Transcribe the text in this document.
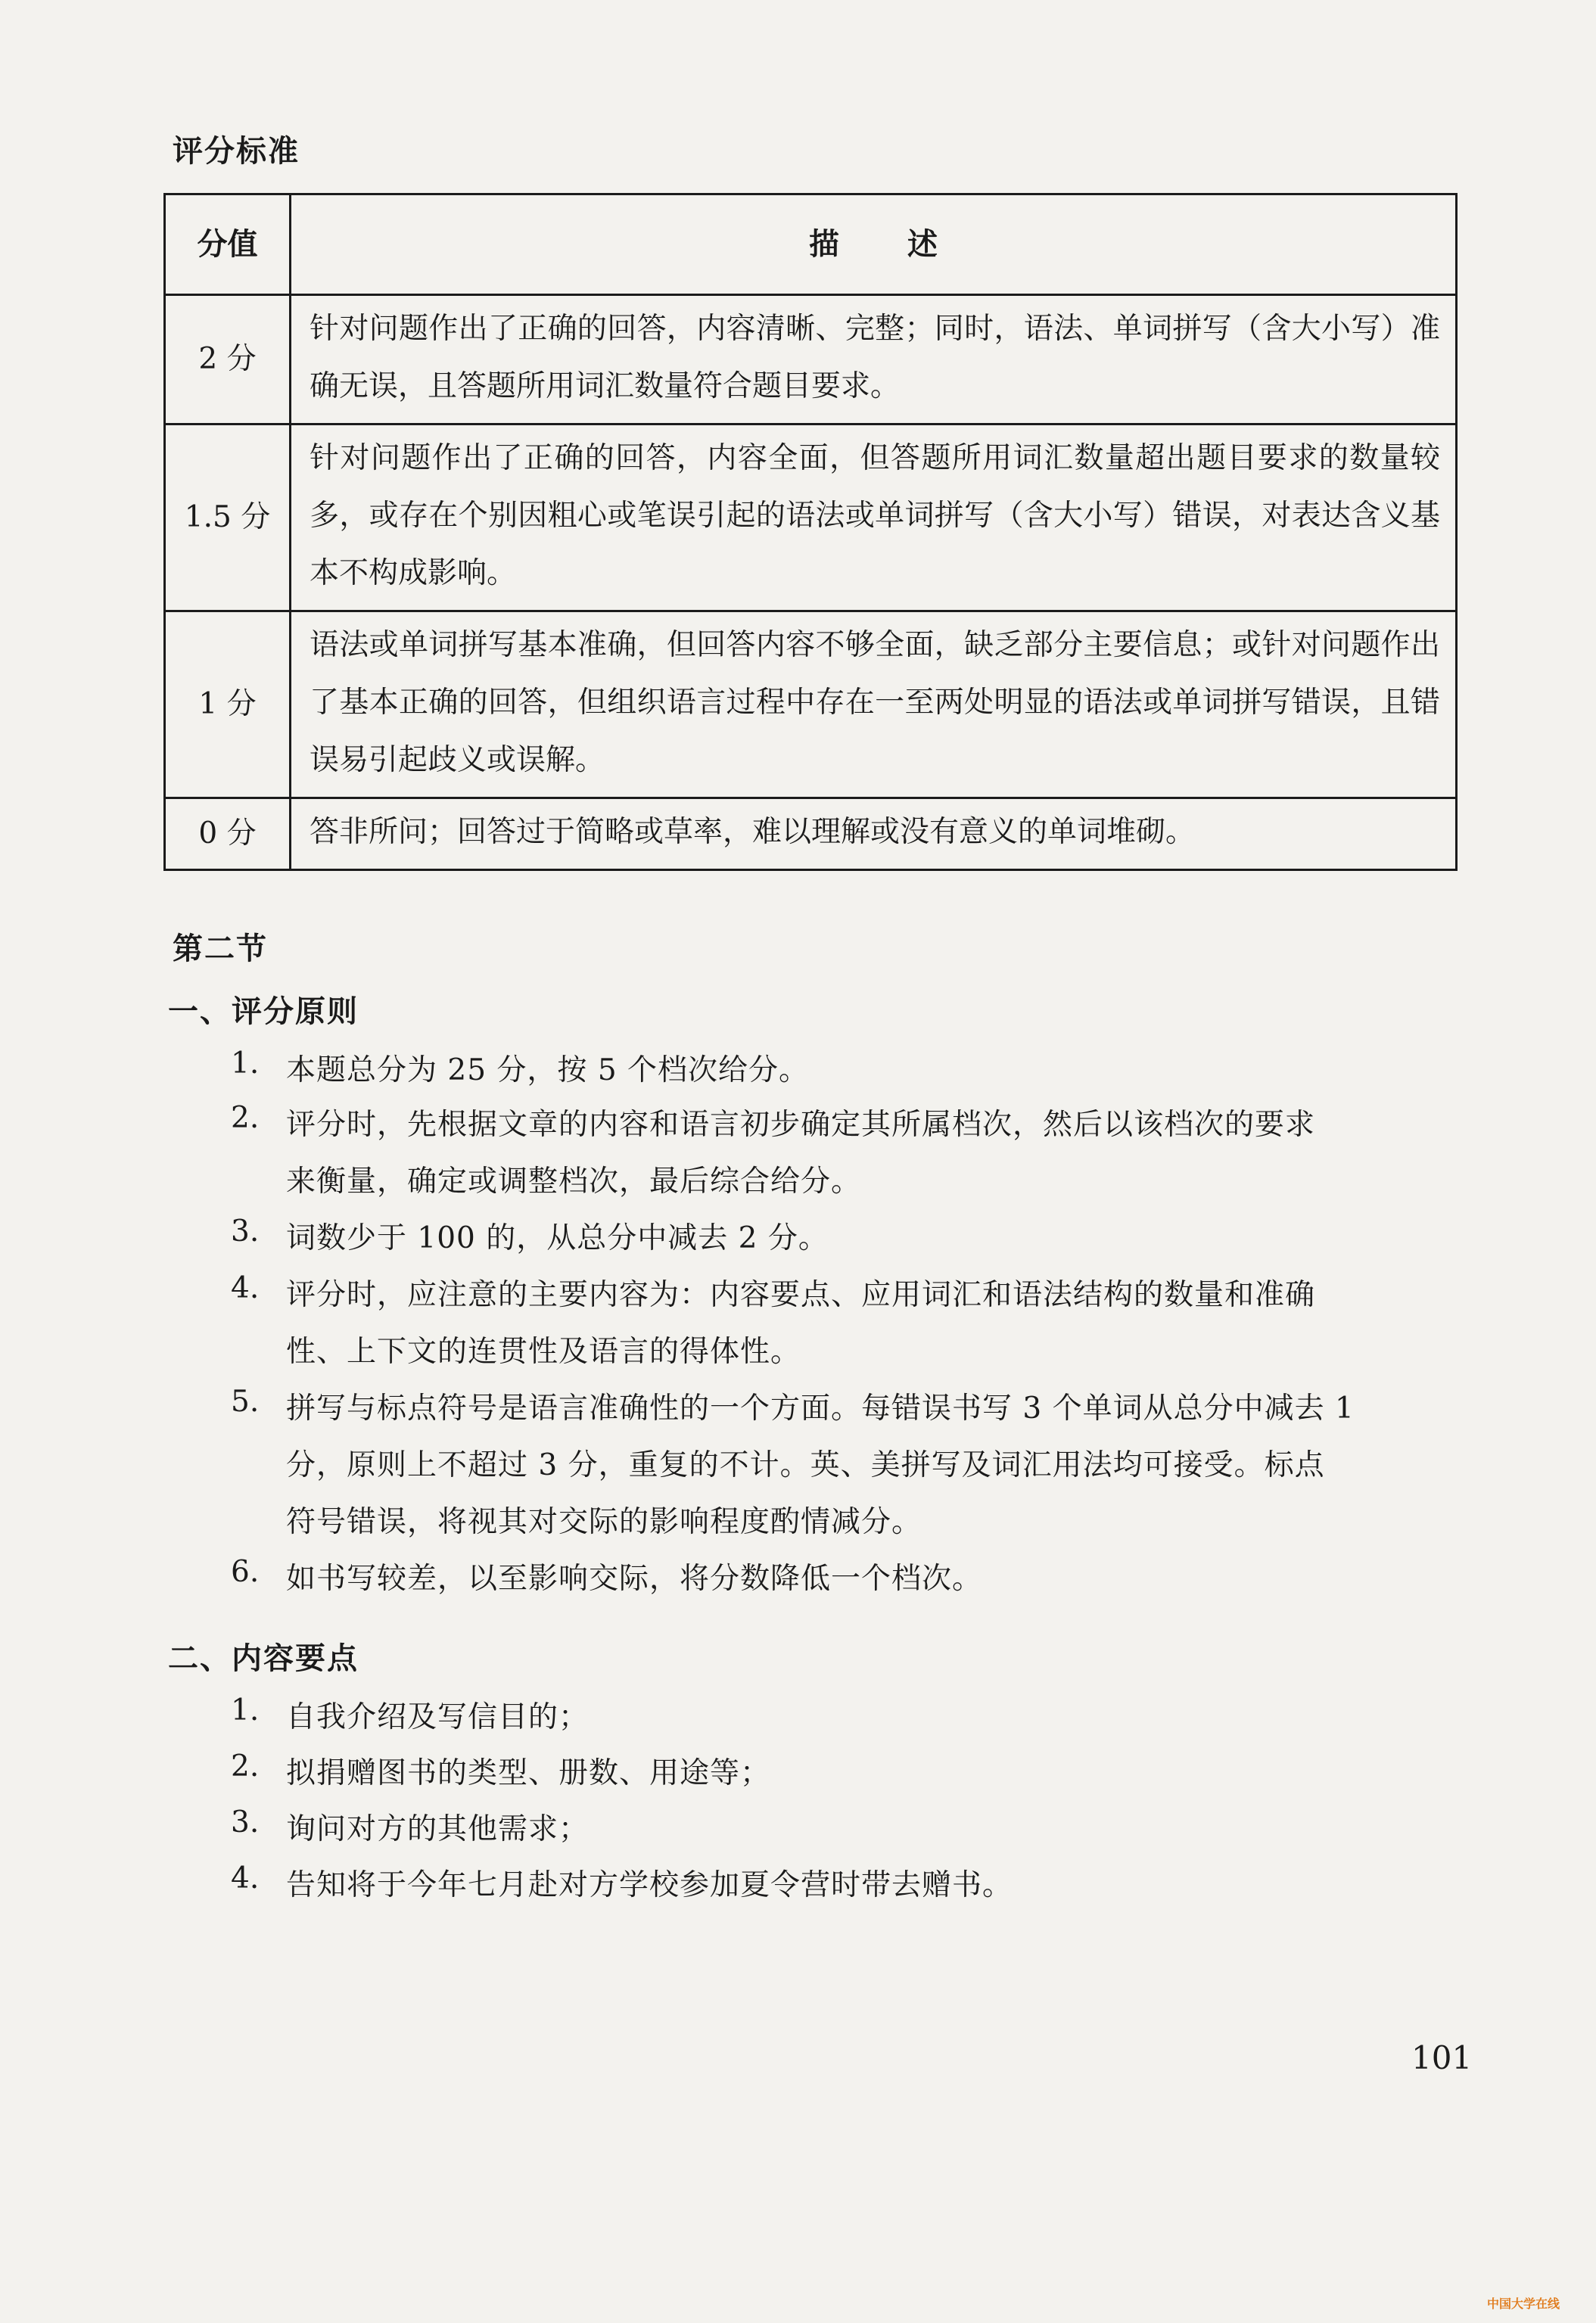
评分标准
分值	描述
2 分	针对问题作出了正确的回答，内容清晰、完整；同时，语法、单词拼写（含大小写）准确无误，且答题所用词汇数量符合题目要求。
1.5 分	针对问题作出了正确的回答，内容全面，但答题所用词汇数量超出题目要求的数量较多，或存在个别因粗心或笔误引起的语法或单词拼写（含大小写）错误，对表达含义基本不构成影响。
1 分	语法或单词拼写基本准确，但回答内容不够全面，缺乏部分主要信息；或针对问题作出了基本正确的回答，但组织语言过程中存在一至两处明显的语法或单词拼写错误，且错误易引起歧义或误解。
0 分	答非所问；回答过于简略或草率，难以理解或没有意义的单词堆砌。
第二节
一、评分原则
1. 本题总分为 25 分，按 5 个档次给分。
2. 评分时，先根据文章的内容和语言初步确定其所属档次，然后以该档次的要求
来衡量，确定或调整档次，最后综合给分。
3. 词数少于 100 的，从总分中减去 2 分。
4. 评分时，应注意的主要内容为：内容要点、应用词汇和语法结构的数量和准确
性、上下文的连贯性及语言的得体性。
5. 拼写与标点符号是语言准确性的一个方面。每错误书写 3 个单词从总分中减去 1
分，原则上不超过 3 分，重复的不计。英、美拼写及词汇用法均可接受。标点
符号错误，将视其对交际的影响程度酌情减分。
6. 如书写较差，以至影响交际，将分数降低一个档次。
二、内容要点
1. 自我介绍及写信目的；
2. 拟捐赠图书的类型、册数、用途等；
3. 询问对方的其他需求；
4. 告知将于今年七月赴对方学校参加夏令营时带去赠书。
101
中国大学在线
